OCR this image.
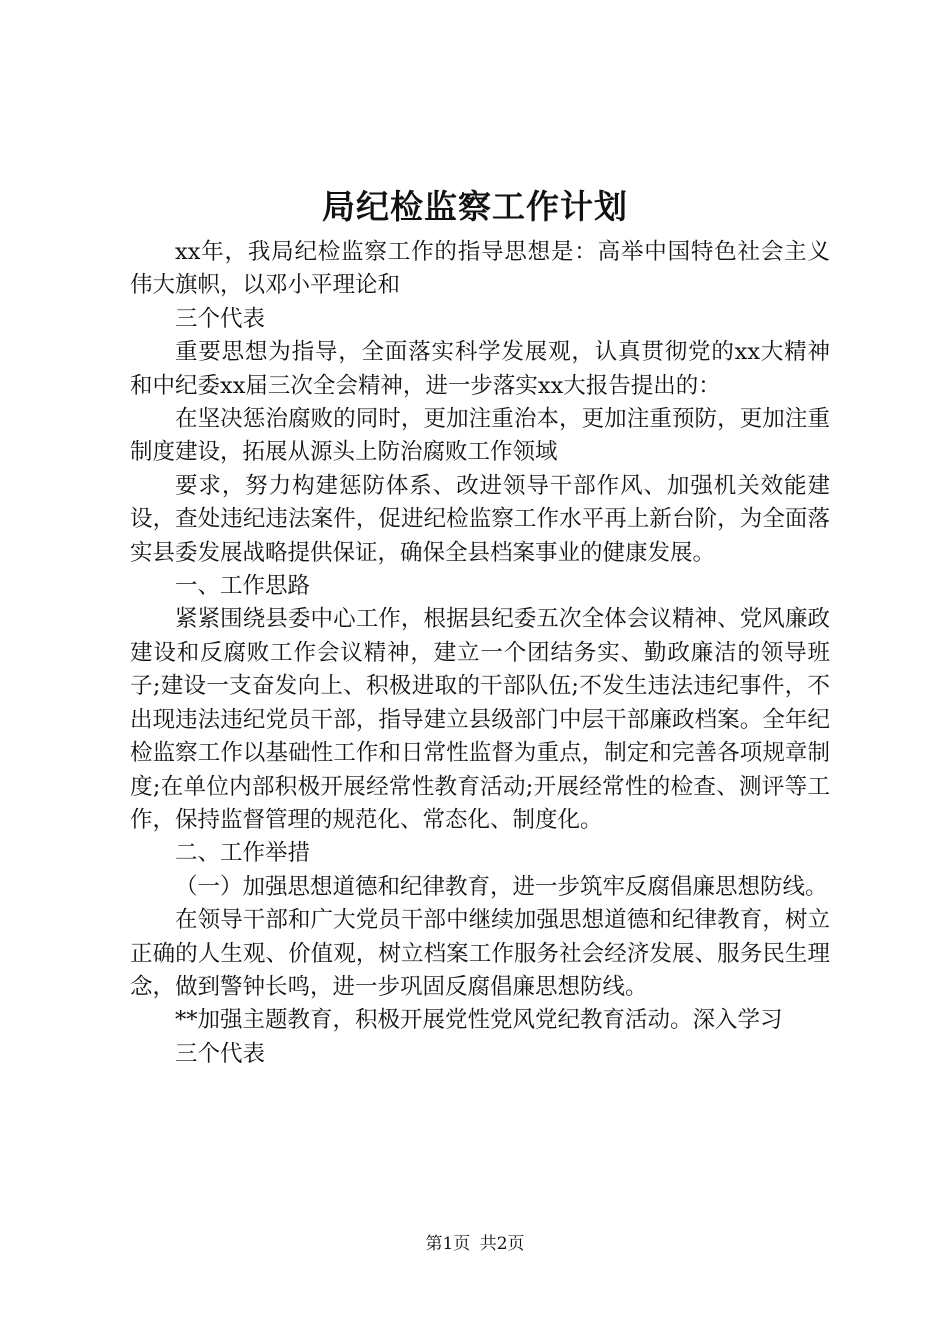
局纪检监察工作计划

xx年，我局纪检监察工作的指导思想是：高举中国特色社会主义伟大旗帜，以邓小平理论和

三个代表

重要思想为指导，全面落实科学发展观，认真贯彻党的xx大精神和中纪委xx届三次全会精神，进一步落实xx大报告提出的：

在坚决惩治腐败的同时，更加注重治本，更加注重预防，更加注重制度建设，拓展从源头上防治腐败工作领域

要求，努力构建惩防体系、改进领导干部作风、加强机关效能建设，查处违纪违法案件，促进纪检监察工作水平再上新台阶，为全面落实县委发展战略提供保证，确保全县档案事业的健康发展。

一、工作思路

紧紧围绕县委中心工作，根据县纪委五次全体会议精神、党风廉政建设和反腐败工作会议精神，建立一个团结务实、勤政廉洁的领导班子;建设一支奋发向上、积极进取的干部队伍;不发生违法违纪事件，不出现违法违纪党员干部，指导建立县级部门中层干部廉政档案。全年纪检监察工作以基础性工作和日常性监督为重点，制定和完善各项规章制度;在单位内部积极开展经常性教育活动;开展经常性的检查、测评等工作，保持监督管理的规范化、常态化、制度化。

二、工作举措

（一）加强思想道德和纪律教育，进一步筑牢反腐倡廉思想防线。

在领导干部和广大党员干部中继续加强思想道德和纪律教育，树立正确的人生观、价值观，树立档案工作服务社会经济发展、服务民生理念，做到警钟长鸣，进一步巩固反腐倡廉思想防线。

**加强主题教育，积极开展党性党风党纪教育活动。深入学习

三个代表

第1页 共2页
